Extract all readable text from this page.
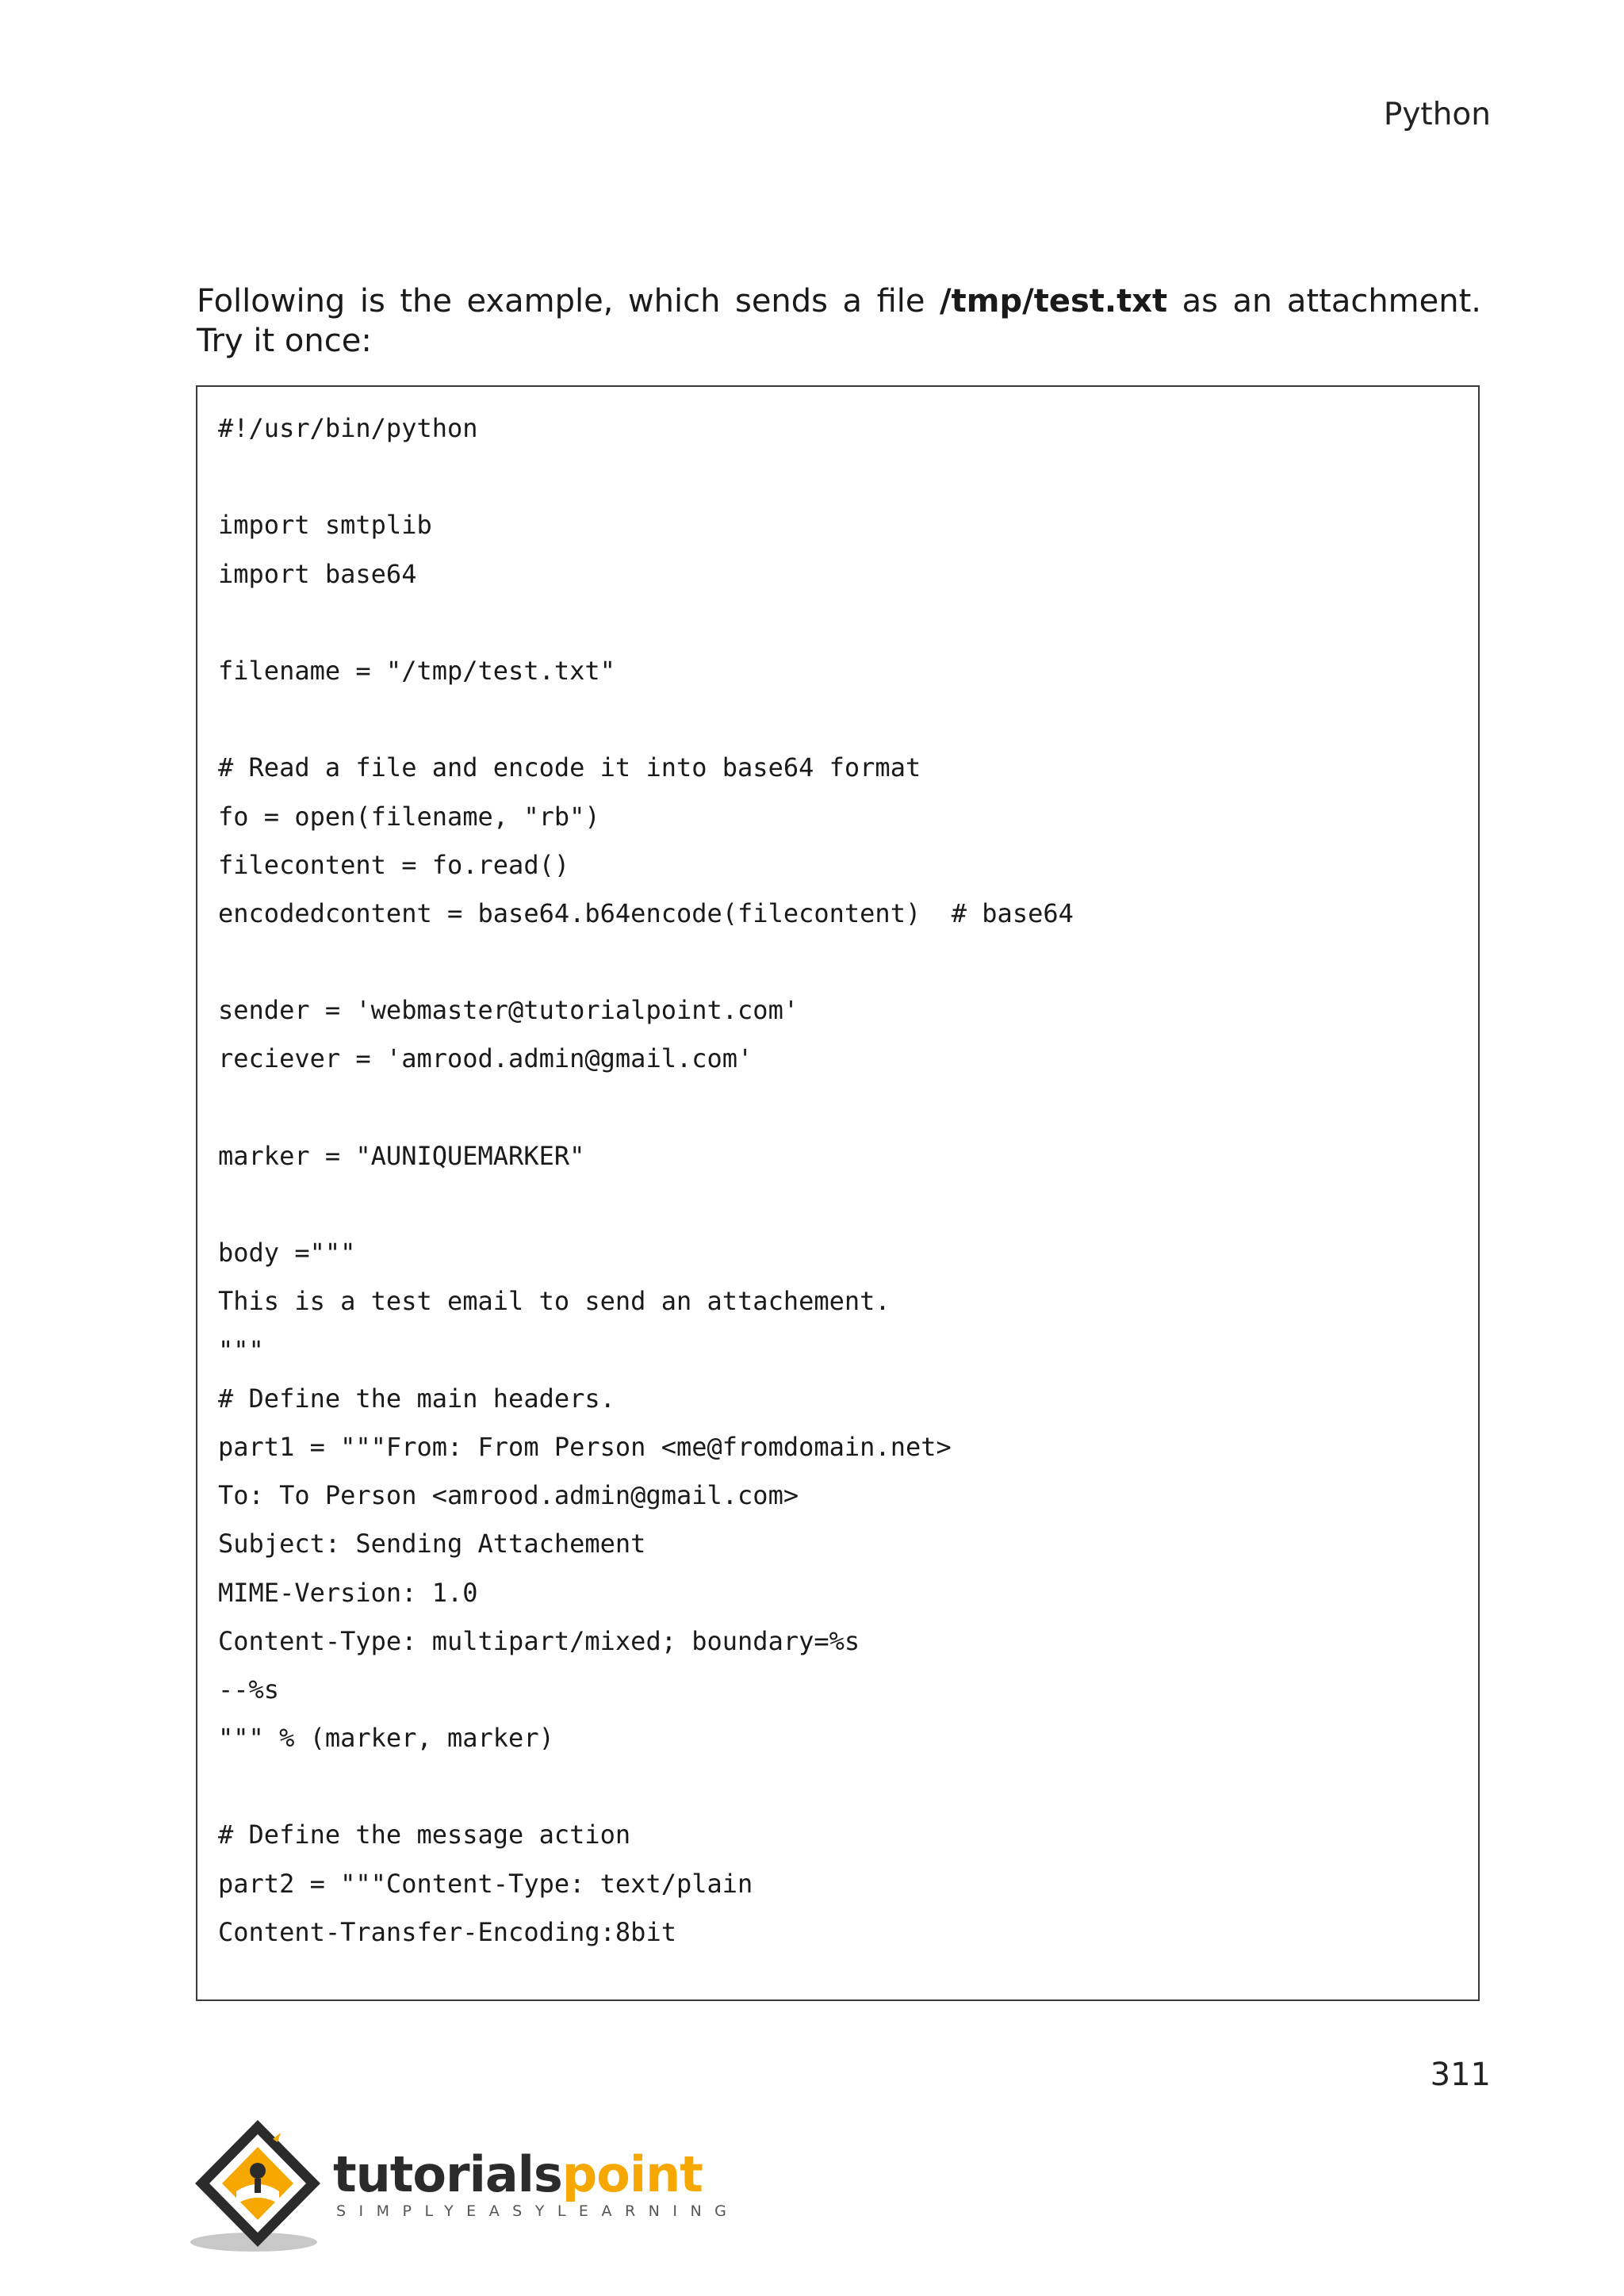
Python

Following is the example, which sends a file /tmp/test.txt as an attachment. Try it once:

#!/usr/bin/python
import smtplib
import base64
filename = "/tmp/test.txt"
# Read a file and encode it into base64 format
fo = open(filename, "rb")
filecontent = fo.read()
encodedcontent = base64.b64encode(filecontent)  # base64
sender = 'webmaster@tutorialpoint.com'
reciever = 'amrood.admin@gmail.com'
marker = "AUNIQUEMARKER"
body ="""
This is a test email to send an attachement.
"""
# Define the main headers.
part1 = """From: From Person <me@fromdomain.net>
To: To Person <amrood.admin@gmail.com>
Subject: Sending Attachement
MIME-Version: 1.0
Content-Type: multipart/mixed; boundary=%s
--%s
""" % (marker, marker)
# Define the message action
part2 = """Content-Type: text/plain
Content-Transfer-Encoding:8bit
311
tutorialspoint
SIMPLYEASYLEARNING
